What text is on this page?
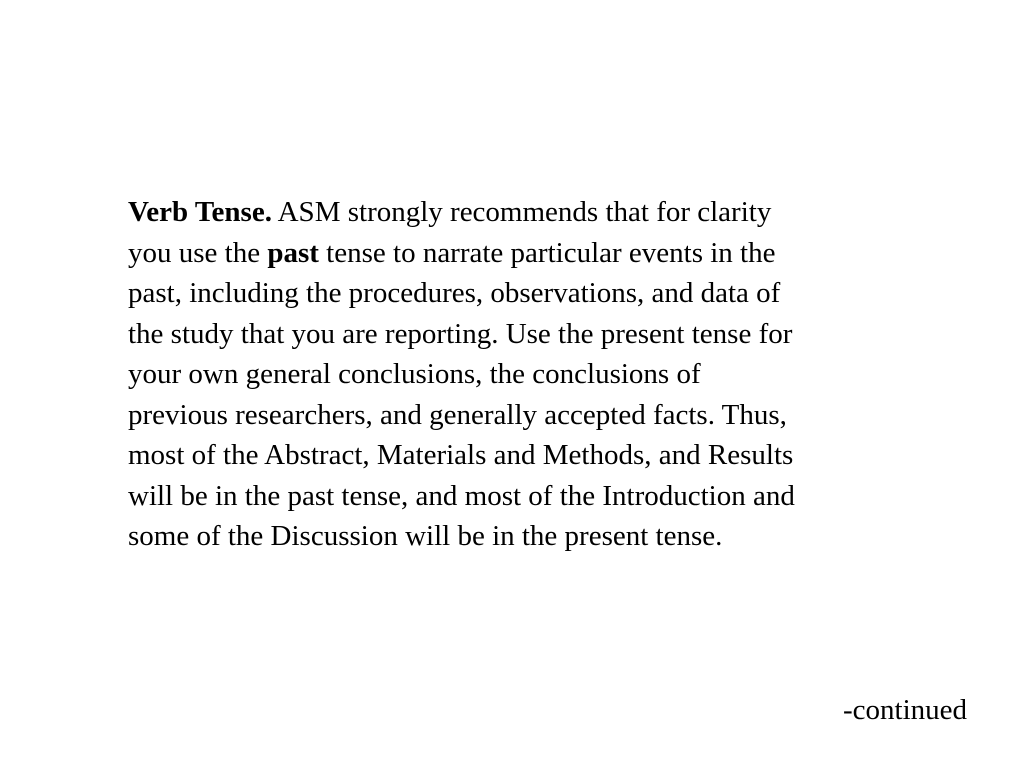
Verb Tense. ASM strongly recommends that for clarity
you use the past tense to narrate particular events in the
past, including the procedures, observations, and data of
the study that you are reporting. Use the present tense for
your own general conclusions, the conclusions of
previous researchers, and generally accepted facts. Thus,
most of the Abstract, Materials and Methods, and Results
will be in the past tense, and most of the Introduction and
some of the Discussion will be in the present tense.

-continued
